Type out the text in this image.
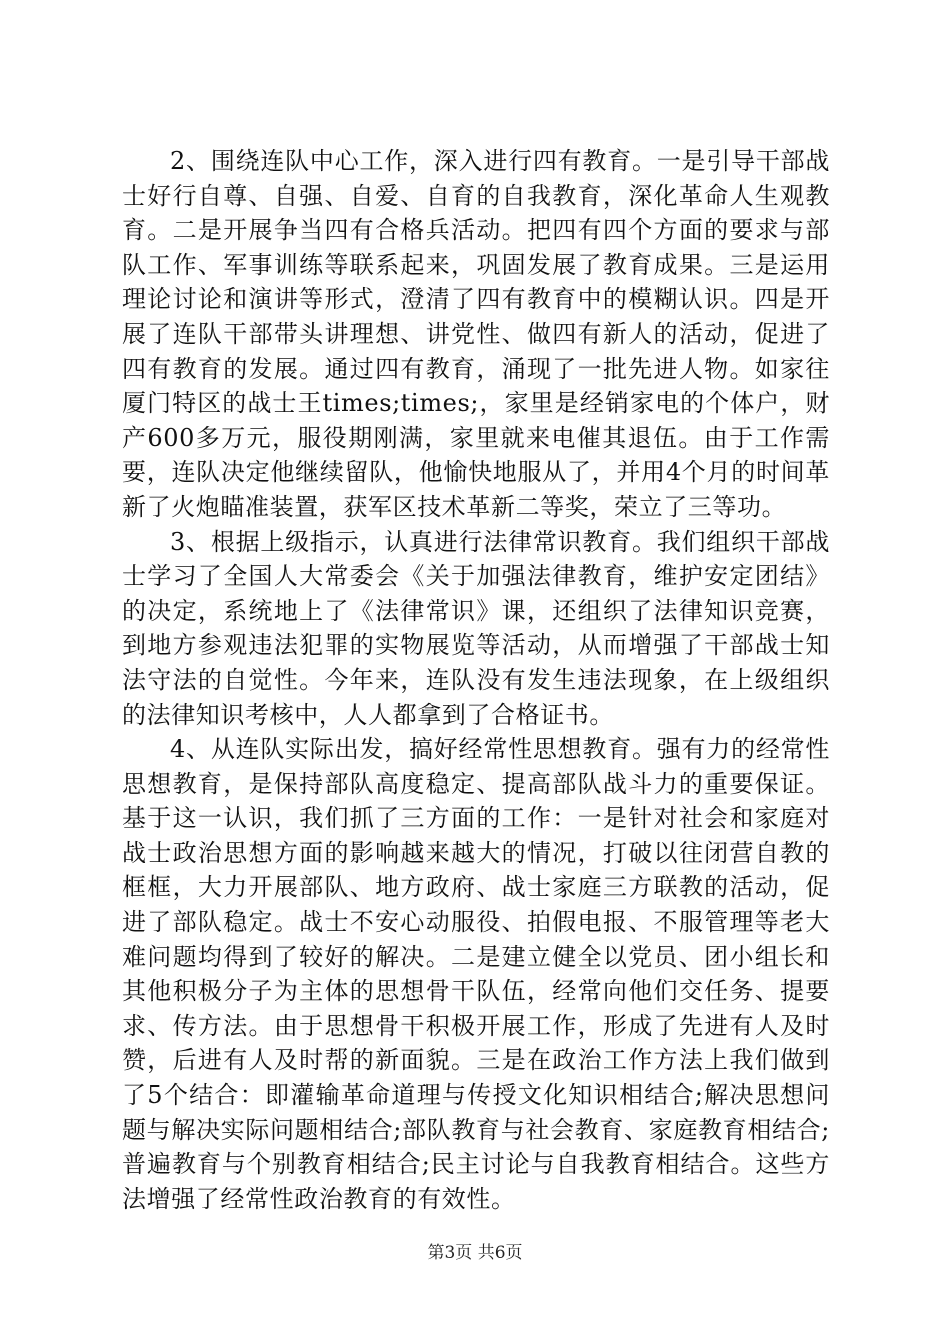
2、围绕连队中心工作，深入进行四有教育。一是引导干部战士好行自尊、自强、自爱、自育的自我教育，深化革命人生观教育。二是开展争当四有合格兵活动。把四有四个方面的要求与部队工作、军事训练等联系起来，巩固发展了教育成果。三是运用理论讨论和演讲等形式，澄清了四有教育中的模糊认识。四是开展了连队干部带头讲理想、讲党性、做四有新人的活动，促进了四有教育的发展。通过四有教育，涌现了一批先进人物。如家往厦门特区的战士王times;times;，家里是经销家电的个体户，财产600多万元，服役期刚满，家里就来电催其退伍。由于工作需要，连队决定他继续留队，他愉快地服从了，并用4个月的时间革新了火炮瞄准装置，获军区技术革新二等奖，荣立了三等功。

3、根据上级指示，认真进行法律常识教育。我们组织干部战士学习了全国人大常委会《关于加强法律教育，维护安定团结》的决定，系统地上了《法律常识》课，还组织了法律知识竞赛，到地方参观违法犯罪的实物展览等活动，从而增强了干部战士知法守法的自觉性。今年来，连队没有发生违法现象，在上级组织的法律知识考核中，人人都拿到了合格证书。

4、从连队实际出发，搞好经常性思想教育。强有力的经常性思想教育，是保持部队高度稳定、提高部队战斗力的重要保证。基于这一认识，我们抓了三方面的工作：一是针对社会和家庭对战士政治思想方面的影响越来越大的情况，打破以往闭营自教的框框，大力开展部队、地方政府、战士家庭三方联教的活动，促进了部队稳定。战士不安心动服役、拍假电报、不服管理等老大难问题均得到了较好的解决。二是建立健全以党员、团小组长和其他积极分子为主体的思想骨干队伍，经常向他们交任务、提要求、传方法。由于思想骨干积极开展工作，形成了先进有人及时赞，后进有人及时帮的新面貌。三是在政治工作方法上我们做到了5个结合：即灌输革命道理与传授文化知识相结合;解决思想问题与解决实际问题相结合;部队教育与社会教育、家庭教育相结合;普遍教育与个别教育相结合;民主讨论与自我教育相结合。这些方法增强了经常性政治教育的有效性。

第3页 共6页
